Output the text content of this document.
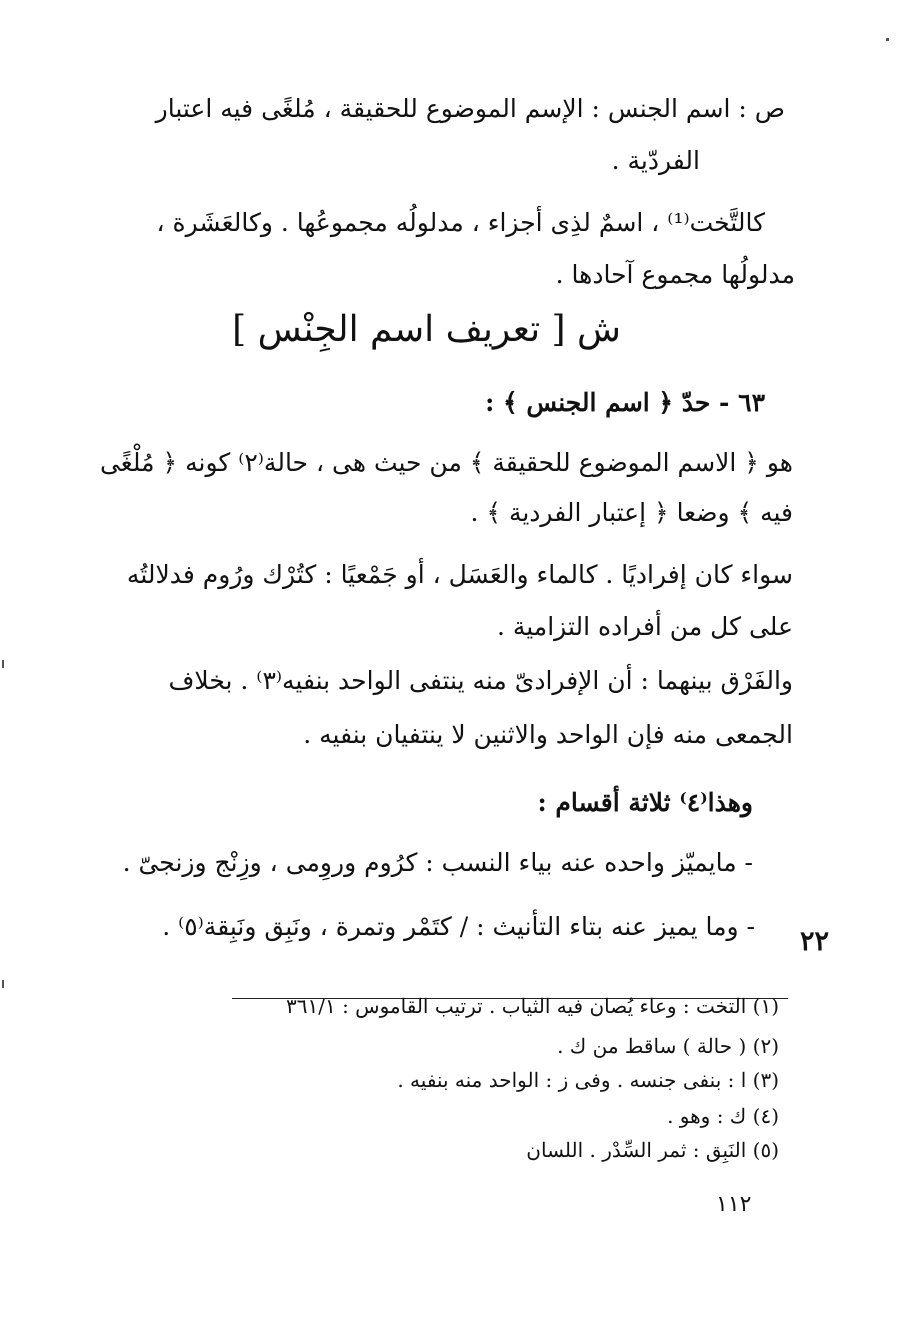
ص : اسم الجنس : الإسم الموضوع للحقيقة ، مُلغًى فيه اعتبار
الفردّية .
كالتَّخت⁽¹⁾ ، اسمٌ لذِى أجزاء ، مدلولُه مجموعُها . وكالعَشَرة ،
مدلولُها مجموع آحادها .
ش [ تعريف اسم الجِنْس ]
٦٣ - حدّ ﴿ اسم الجنس ﴾ :
هو ﴿ الاسم الموضوع للحقيقة ﴾ من حيث هى ، حالة⁽٢⁾ كونه ﴿ مُلْغًى
فيه ﴾ وضعا ﴿ إعتبار الفردية ﴾ .
سواء كان إفراديًا . كالماء والعَسَل ، أو جَمْعيًا : كتُرْك ورُوم فدلالتُه
على كل من أفراده التزامية .
والفَرْق بينهما : أن الإفرادىّ منه ينتفى الواحد بنفيه⁽٣⁾ . بخلاف
الجمعى منه فإن الواحد والاثنين لا ينتفيان بنفيه .
وهذا⁽٤⁾ ثلاثة أقسام :
- مايميّز واحده عنه بياء النسب : كرُوم وروِمى ، وزِنْج وزنجىّ .
- وما يميز عنه بتاء التأنيث : / كتَمْر وتمرة ، ونَبِق ونَبِقة⁽٥⁾ . ٢٢
(١) التخت : وعاء يُصان فيه الثياب . ترتيب القاموس : ٣٦١/١
(٢) ( حالة ) ساقط من ك .
(٣) ا : بنفى جنسه . وفى ز : الواحد منه بنفيه .
(٤) ك : وهو .
(٥) النَبِق : ثمر السِّدْر . اللسان
١١٢
